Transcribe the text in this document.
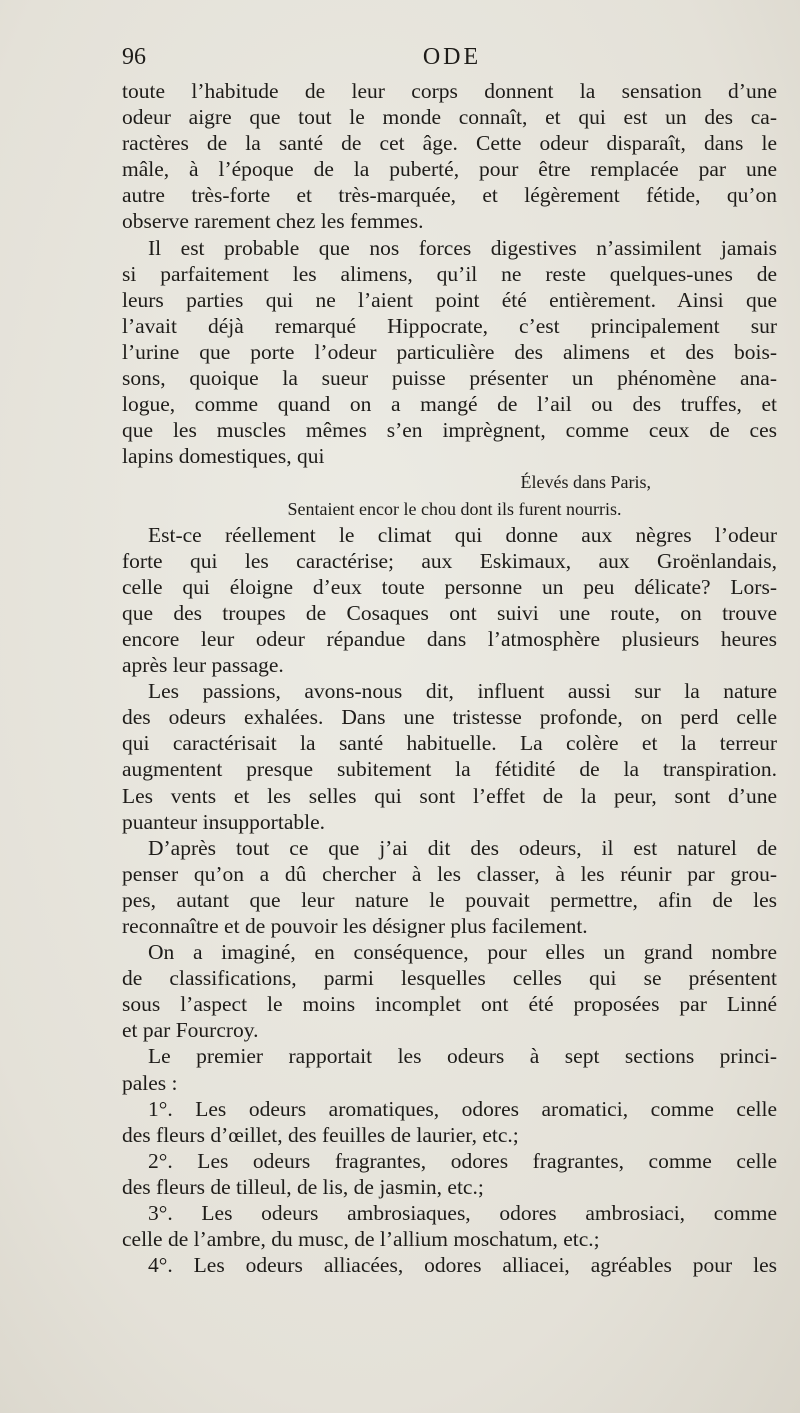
96	ODE
toute l’habitude de leur corps donnent la sensation d’une
odeur aigre que tout le monde connaît, et qui est un des ca-
ractères de la santé de cet âge. Cette odeur disparaît, dans le
mâle, à l’époque de la puberté, pour être remplacée par une
autre très-forte et très-marquée, et légèrement fétide, qu’on
observe rarement chez les femmes.
Il est probable que nos forces digestives n’assimilent jamais
si parfaitement les alimens, qu’il ne reste quelques-unes de
leurs parties qui ne l’aient point été entièrement. Ainsi que
l’avait déjà remarqué Hippocrate, c’est principalement sur
l’urine que porte l’odeur particulière des alimens et des bois-
sons, quoique la sueur puisse présenter un phénomène ana-
logue, comme quand on a mangé de l’ail ou des truffes, et
que les muscles mêmes s’en imprègnent, comme ceux de ces
lapins domestiques, qui
Élevés dans Paris,
Sentaient encor le chou dont ils furent nourris.
Est-ce réellement le climat qui donne aux nègres l’odeur
forte qui les caractérise; aux Eskimaux, aux Groënlandais,
celle qui éloigne d’eux toute personne un peu délicate? Lors-
que des troupes de Cosaques ont suivi une route, on trouve
encore leur odeur répandue dans l’atmosphère plusieurs heures
après leur passage.
Les passions, avons-nous dit, influent aussi sur la nature
des odeurs exhalées. Dans une tristesse profonde, on perd celle
qui caractérisait la santé habituelle. La colère et la terreur
augmentent presque subitement la fétidité de la transpiration.
Les vents et les selles qui sont l’effet de la peur, sont d’une
puanteur insupportable.
D’après tout ce que j’ai dit des odeurs, il est naturel de
penser qu’on a dû chercher à les classer, à les réunir par grou-
pes, autant que leur nature le pouvait permettre, afin de les
reconnaître et de pouvoir les désigner plus facilement.
On a imaginé, en conséquence, pour elles un grand nombre
de classifications, parmi lesquelles celles qui se présentent
sous l’aspect le moins incomplet ont été proposées par Linné
et par Fourcroy.
Le premier rapportait les odeurs à sept sections princi-
pales :
1°. Les odeurs aromatiques, odores aromatici, comme celle
des fleurs d’œillet, des feuilles de laurier, etc.;
2°. Les odeurs fragrantes, odores fragrantes, comme celle
des fleurs de tilleul, de lis, de jasmin, etc.;
3°. Les odeurs ambrosiaques, odores ambrosiaci, comme
celle de l’ambre, du musc, de l’allium moschatum, etc.;
4°. Les odeurs alliacées, odores alliacei, agréables pour les
